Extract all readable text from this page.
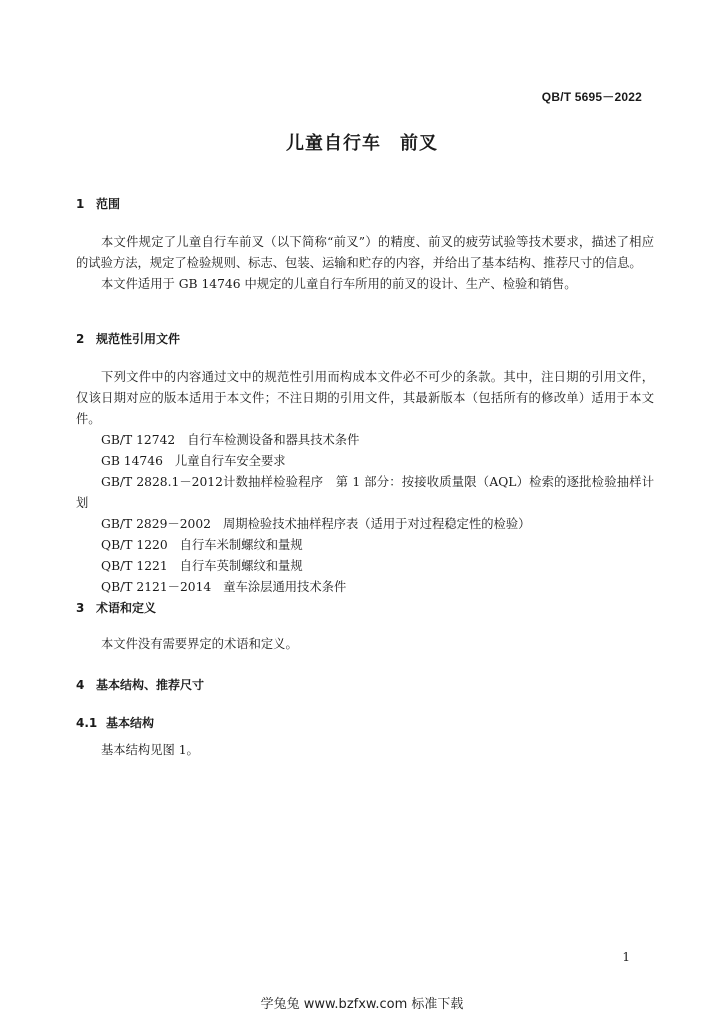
QB/T 5695－2022
儿童自行车　前叉
1 范围

本文件规定了儿童自行车前叉（以下简称“前叉”）的精度、前叉的疲劳试验等技术要求，描述了相应的试验方法，规定了检验规则、标志、包装、运输和贮存的内容，并给出了基本结构、推荐尺寸的信息。

本文件适用于 GB 14746 中规定的儿童自行车所用的前叉的设计、生产、检验和销售。

2 规范性引用文件

下列文件中的内容通过文中的规范性引用而构成本文件必不可少的条款。其中，注日期的引用文件，仅该日期对应的版本适用于本文件；不注日期的引用文件，其最新版本（包括所有的修改单）适用于本文件。

GB/T 12742 自行车检测设备和器具技术条件

GB 14746 儿童自行车安全要求

GB/T 2828.1－2012计数抽样检验程序　第 1 部分：按接收质量限（AQL）检索的逐批检验抽样计划

GB/T 2829－2002 周期检验技术抽样程序表（适用于对过程稳定性的检验）

QB/T 1220 自行车米制螺纹和量规

QB/T 1221 自行车英制螺纹和量规

QB/T 2121－2014 童车涂层通用技术条件

3 术语和定义

本文件没有需要界定的术语和定义。

4 基本结构、推荐尺寸
4.1 基本结构

基本结构见图 1。

1
学兔兔 www.bzfxw.com 标准下载
